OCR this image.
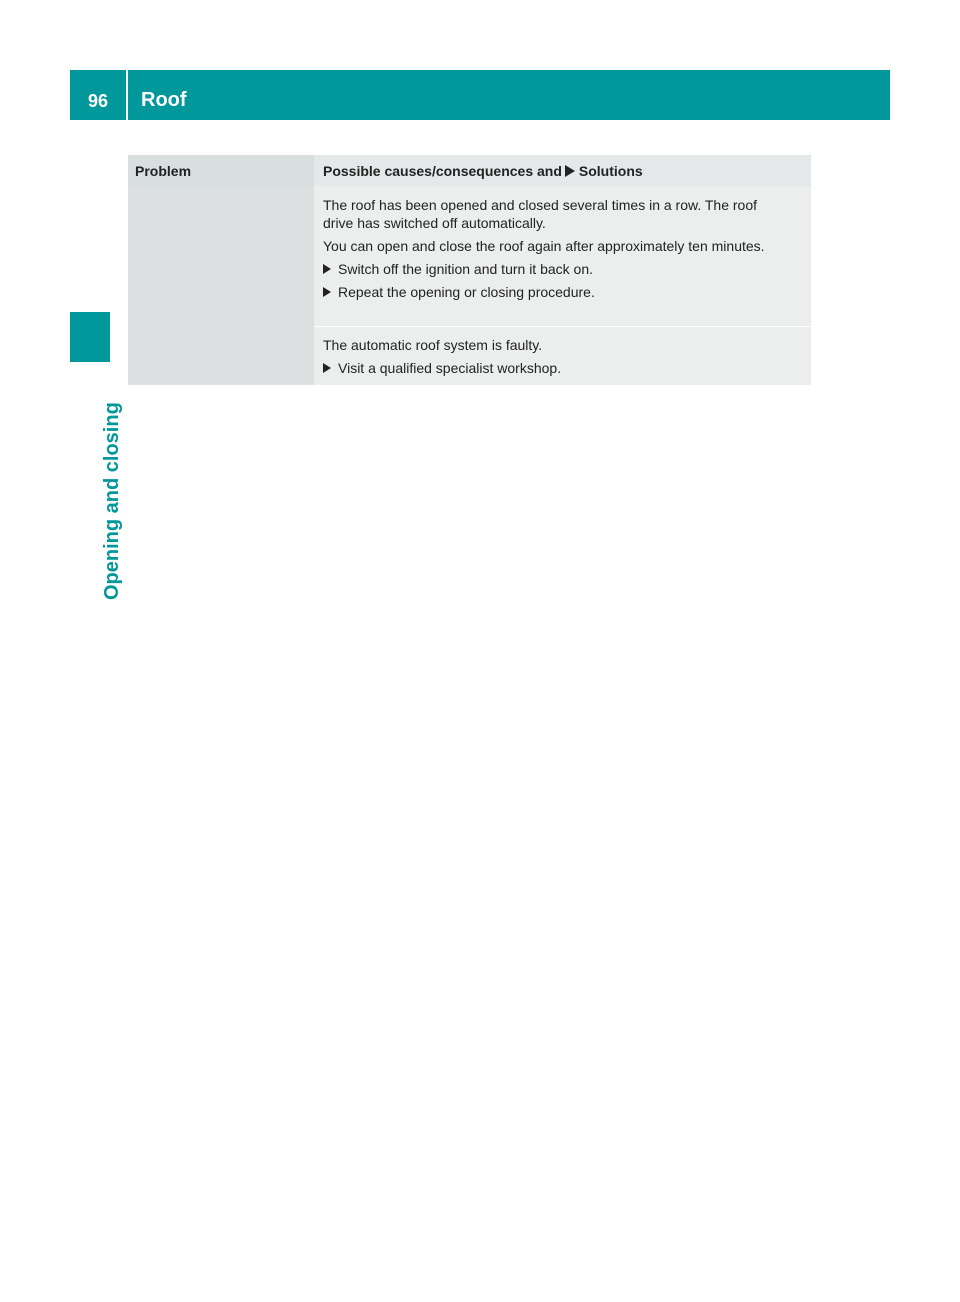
96	Roof
Opening and closing
Problem	Possible causes/consequences and Solutions

The roof has been opened and closed several times in a row. The roof drive has switched off automatically.

You can open and close the roof again after approximately ten minutes.

Switch off the ignition and turn it back on.
Repeat the opening or closing procedure.

The automatic roof system is faulty.

Visit a qualified specialist workshop.
